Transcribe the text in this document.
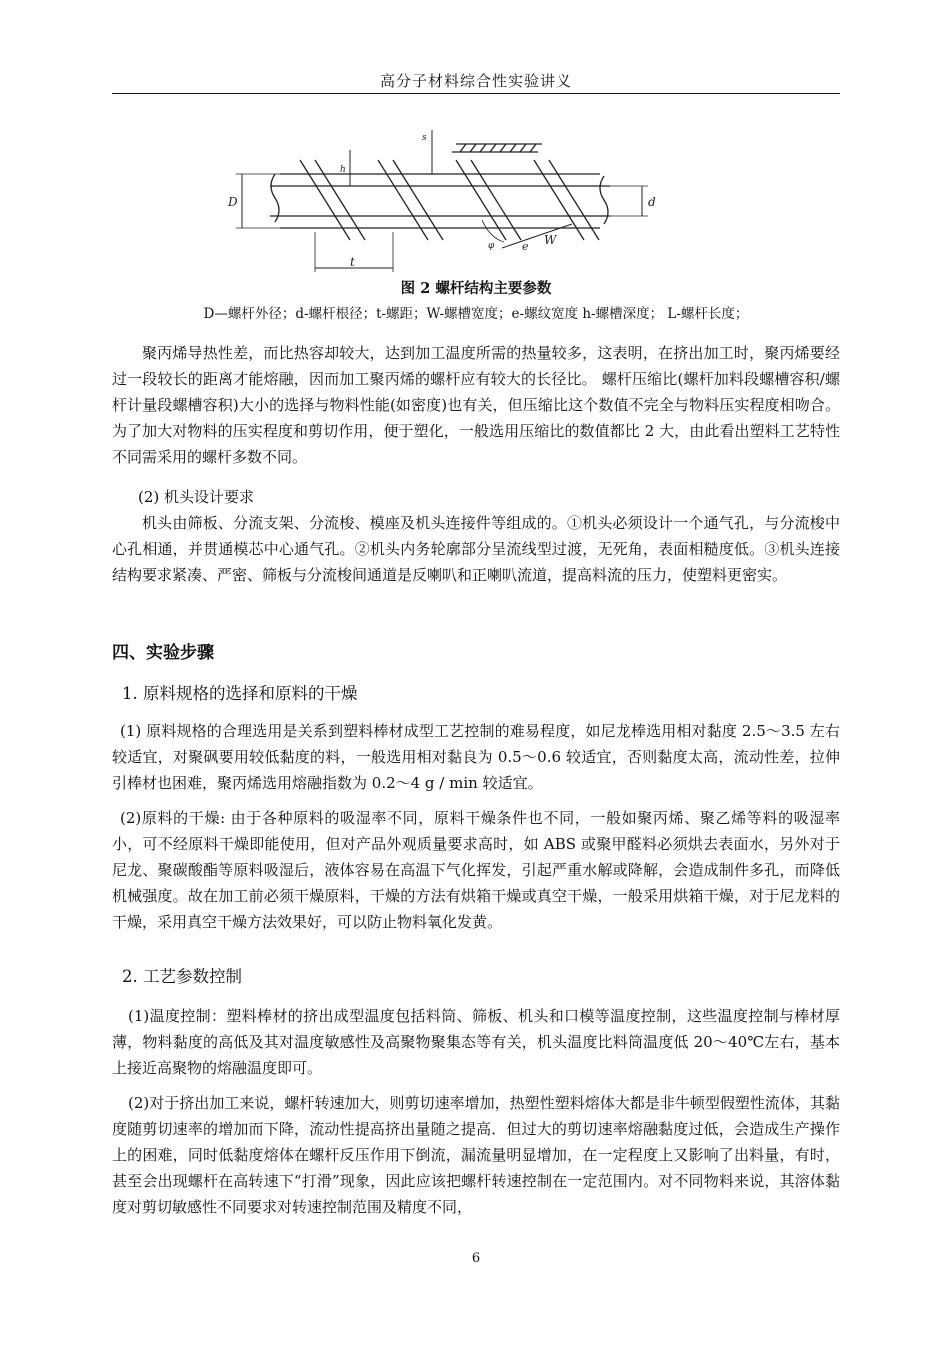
高分子材料综合性实验讲义
D	d
h
s
t
φ	e W
图 2 螺杆结构主要参数
D—螺杆外径；d-螺杆根径；t-螺距；W-螺槽宽度；e-螺纹宽度 h-螺槽深度； L-螺杆长度；

聚丙烯导热性差，而比热容却较大，达到加工温度所需的热量较多，这表明，在挤出加工时，聚丙烯要经过一段较长的距离才能熔融，因而加工聚丙烯的螺杆应有较大的长径比。 螺杆压缩比(螺杆加料段螺槽容积/螺杆计量段螺槽容积)大小的选择与物料性能(如密度)也有关，但压缩比这个数值不完全与物料压实程度相吻合。为了加大对物料的压实程度和剪切作用，便于塑化，一般选用压缩比的数值都比 2 大，由此看出塑料工艺特性不同需采用的螺杆多数不同。

(2) 机头设计要求

机头由筛板、分流支架、分流梭、模座及机头连接件等组成的。①机头必须设计一个通气孔，与分流梭中心孔相通，并贯通模芯中心通气孔。②机头内务轮廓部分呈流线型过渡，无死角，表面相糙度低。③机头连接结构要求紧凑、严密、筛板与分流梭间通道是反喇叭和正喇叭流道，提高料流的压力，使塑料更密实。

四、实验步骤
1. 原料规格的选择和原料的干燥

(1) 原料规格的合理选用是关系到塑料棒材成型工艺控制的难易程度，如尼龙棒选用相对黏度 2.5～3.5 左右较适宜，对聚砜要用较低黏度的料，一般选用相对黏良为 0.5～0.6 较适宜，否则黏度太高，流动性差，拉伸引棒材也困难，聚丙烯选用熔融指数为 0.2～4 g / min 较适宜。

(2)原料的干燥: 由于各种原料的吸湿率不同，原料干燥条件也不同，一般如聚丙烯、聚乙烯等料的吸湿率小，可不经原料干燥即能使用，但对产品外观质量要求高时，如 ABS 或聚甲醛料必须烘去表面水，另外对于尼龙、聚碳酸酯等原料吸湿后，液体容易在高温下气化挥发，引起严重水解或降解，会造成制件多孔，而降低机械强度。故在加工前必须干燥原料，干燥的方法有烘箱干燥或真空干燥，一般采用烘箱干燥，对于尼龙料的干燥，采用真空干燥方法效果好，可以防止物料氧化发黄。

2. 工艺参数控制

(1)温度控制：塑料棒材的挤出成型温度包括料筒、筛板、机头和口模等温度控制，这些温度控制与棒材厚薄，物料黏度的高低及其对温度敏感性及高聚物聚集态等有关，机头温度比料筒温度低 20～40℃左右，基本上接近高聚物的熔融温度即可。

(2)对于挤出加工来说，螺杆转速加大，则剪切速率增加，热塑性塑料熔体大都是非牛顿型假塑性流体，其黏度随剪切速率的增加而下降，流动性提高挤出量随之提高．但过大的剪切速率熔融黏度过低，会造成生产操作上的困难，同时低黏度熔体在螺杆反压作用下倒流，漏流量明显增加，在一定程度上又影响了出料量，有时，甚至会出现螺杆在高转速下“打滑”现象，因此应该把螺杆转速控制在一定范围内。对不同物料来说，其溶体黏度对剪切敏感性不同要求对转速控制范围及精度不同，

6
